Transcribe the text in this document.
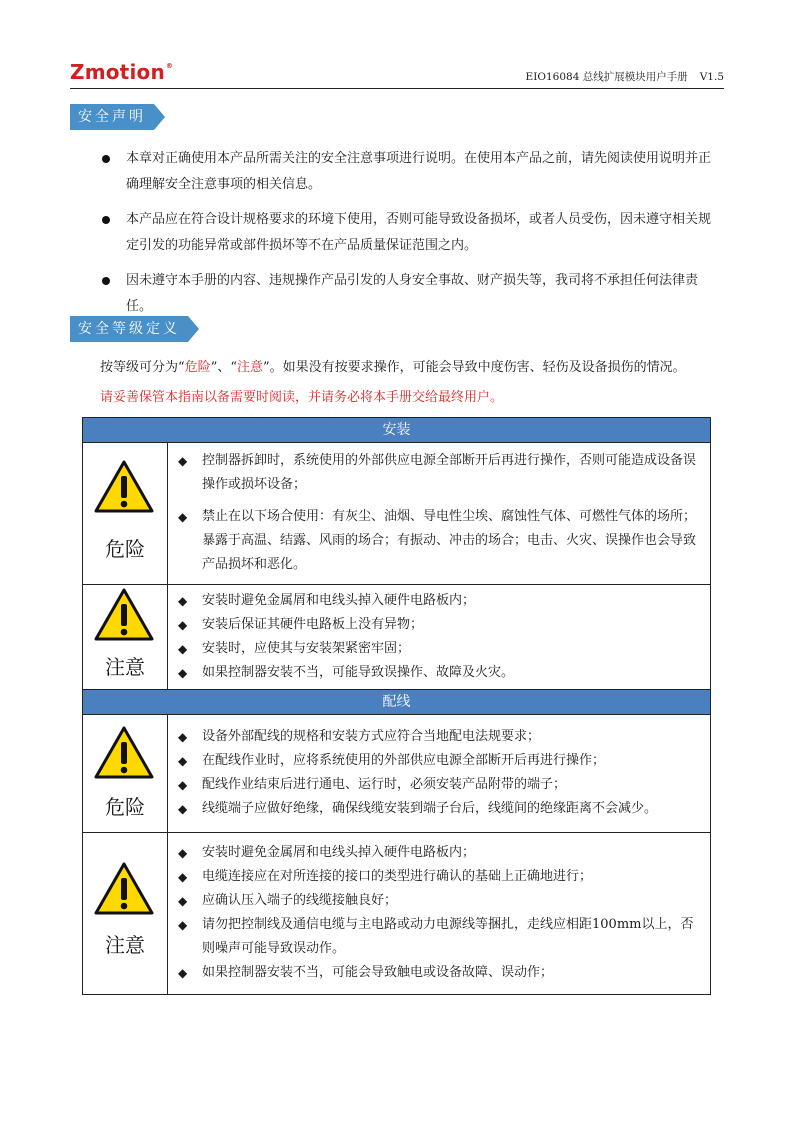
Zmotion®
EIO16084 总线扩展模块用户手册 V1.5
安全声明
本章对正确使用本产品所需关注的安全注意事项进行说明。在使用本产品之前，请先阅读使用说明并正确理解安全注意事项的相关信息。
本产品应在符合设计规格要求的环境下使用，否则可能导致设备损坏，或者人员受伤，因未遵守相关规定引发的功能异常或部件损坏等不在产品质量保证范围之内。
因未遵守本手册的内容、违规操作产品引发的人身安全事故、财产损失等，我司将不承担任何法律责任。
安全等级定义
按等级可分为“危险”、“注意”。如果没有按要求操作，可能会导致中度伤害、轻伤及设备损伤的情况。
请妥善保管本指南以备需要时阅读，并请务必将本手册交给最终用户。
安装
危险
◆ 控制器拆卸时，系统使用的外部供应电源全部断开后再进行操作，否则可能造成设备误操作或损坏设备；
◆ 禁止在以下场合使用：有灰尘、油烟、导电性尘埃、腐蚀性气体、可燃性气体的场所；暴露于高温、结露、风雨的场合；有振动、冲击的场合；电击、火灾、误操作也会导致产品损坏和恶化。
注意
◆ 安装时避免金属屑和电线头掉入硬件电路板内；
◆ 安装后保证其硬件电路板上没有异物；
◆ 安装时，应使其与安装架紧密牢固；
◆ 如果控制器安装不当，可能导致误操作、故障及火灾。
配线
危险
◆ 设备外部配线的规格和安装方式应符合当地配电法规要求；
◆ 在配线作业时，应将系统使用的外部供应电源全部断开后再进行操作；
◆ 配线作业结束后进行通电、运行时，必须安装产品附带的端子；
◆ 线缆端子应做好绝缘，确保线缆安装到端子台后，线缆间的绝缘距离不会减少。
注意
◆ 安装时避免金属屑和电线头掉入硬件电路板内；
◆ 电缆连接应在对所连接的接口的类型进行确认的基础上正确地进行；
◆ 应确认压入端子的线缆接触良好；
◆ 请勿把控制线及通信电缆与主电路或动力电源线等捆扎，走线应相距100mm以上，否则噪声可能导致误动作。
◆ 如果控制器安装不当，可能会导致触电或设备故障、误动作；
